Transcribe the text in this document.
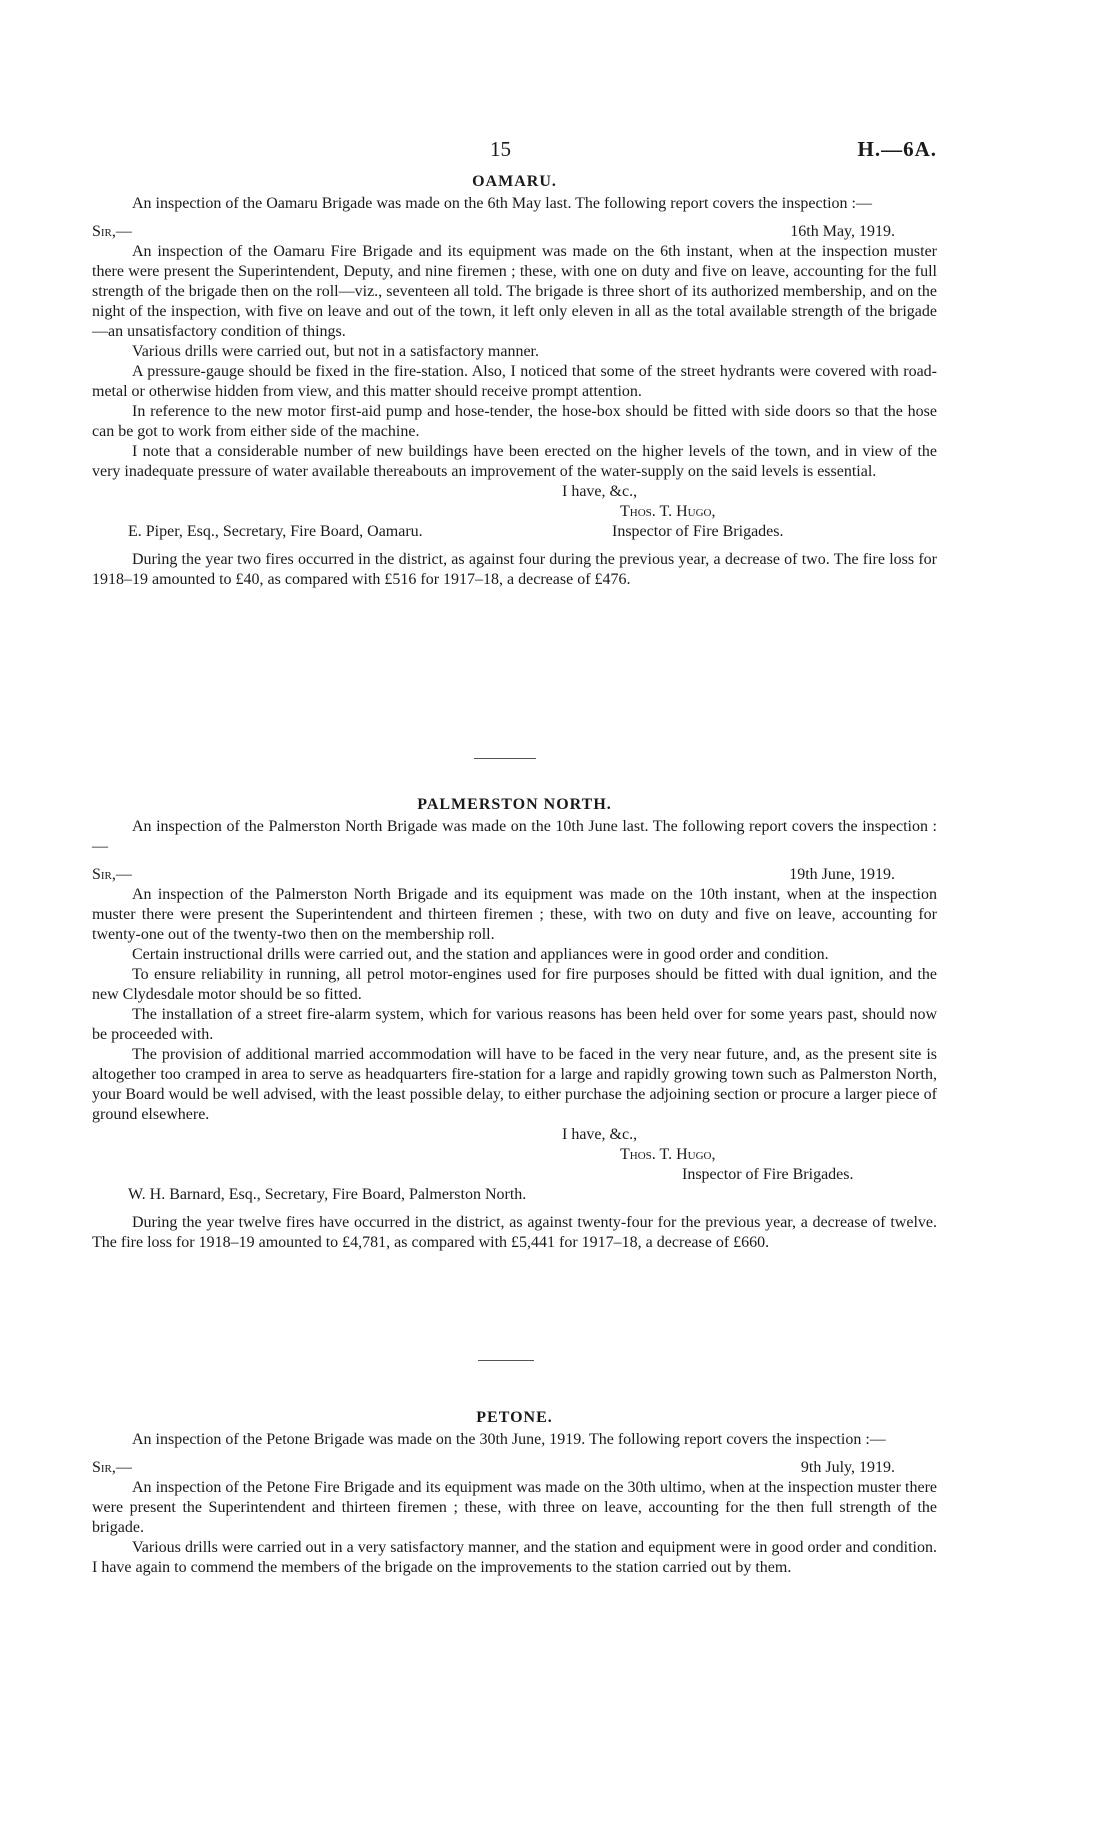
15	H.—6A.
OAMARU.

An inspection of the Oamaru Brigade was made on the 6th May last. The following report covers the inspection :—

Sir,—	16th May, 1919.

An inspection of the Oamaru Fire Brigade and its equipment was made on the 6th instant, when at the inspection muster there were present the Superintendent, Deputy, and nine firemen ; these, with one on duty and five on leave, accounting for the full strength of the brigade then on the roll—viz., seventeen all told. The brigade is three short of its authorized membership, and on the night of the inspection, with five on leave and out of the town, it left only eleven in all as the total available strength of the brigade—an unsatisfactory condition of things.

Various drills were carried out, but not in a satisfactory manner.

A pressure-gauge should be fixed in the fire-station. Also, I noticed that some of the street hydrants were covered with road-metal or otherwise hidden from view, and this matter should receive prompt attention.

In reference to the new motor first-aid pump and hose-tender, the hose-box should be fitted with side doors so that the hose can be got to work from either side of the machine.

I note that a considerable number of new buildings have been erected on the higher levels of the town, and in view of the very inadequate pressure of water available thereabouts an improvement of the water-supply on the said levels is essential.

I have, &c.,
Thos. T. Hugo,
E. Piper, Esq., Secretary, Fire Board, Oamaru.	Inspector of Fire Brigades.

During the year two fires occurred in the district, as against four during the previous year, a decrease of two. The fire loss for 1918–19 amounted to £40, as compared with £516 for 1917–18, a decrease of £476.

PALMERSTON NORTH.

An inspection of the Palmerston North Brigade was made on the 10th June last. The following report covers the inspection :—

Sir,—	19th June, 1919.

An inspection of the Palmerston North Brigade and its equipment was made on the 10th instant, when at the inspection muster there were present the Superintendent and thirteen firemen ; these, with two on duty and five on leave, accounting for twenty-one out of the twenty-two then on the membership roll.

Certain instructional drills were carried out, and the station and appliances were in good order and condition.

To ensure reliability in running, all petrol motor-engines used for fire purposes should be fitted with dual ignition, and the new Clydesdale motor should be so fitted.

The installation of a street fire-alarm system, which for various reasons has been held over for some years past, should now be proceeded with.

The provision of additional married accommodation will have to be faced in the very near future, and, as the present site is altogether too cramped in area to serve as headquarters fire-station for a large and rapidly growing town such as Palmerston North, your Board would be well advised, with the least possible delay, to either purchase the adjoining section or procure a larger piece of ground elsewhere.

I have, &c.,
Thos. T. Hugo,
Inspector of Fire Brigades.
W. H. Barnard, Esq., Secretary, Fire Board, Palmerston North.

During the year twelve fires have occurred in the district, as against twenty-four for the previous year, a decrease of twelve. The fire loss for 1918–19 amounted to £4,781, as compared with £5,441 for 1917–18, a decrease of £660.

PETONE.

An inspection of the Petone Brigade was made on the 30th June, 1919. The following report covers the inspection :—

Sir,—	9th July, 1919.

An inspection of the Petone Fire Brigade and its equipment was made on the 30th ultimo, when at the inspection muster there were present the Superintendent and thirteen firemen ; these, with three on leave, accounting for the then full strength of the brigade.

Various drills were carried out in a very satisfactory manner, and the station and equipment were in good order and condition. I have again to commend the members of the brigade on the improvements to the station carried out by them.
